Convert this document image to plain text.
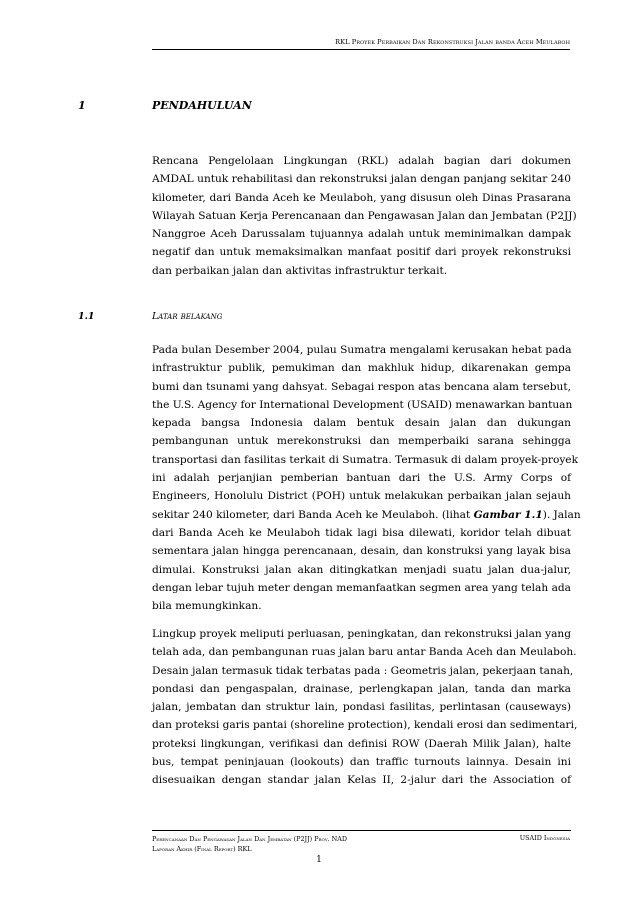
RKL Proyek Perbaikan Dan Rekonstruksi Jalan banda Aceh Meulaboh
1	PENDAHULUAN
Rencana Pengelolaan Lingkungan (RKL) adalah bagian dari dokumen
AMDAL untuk rehabilitasi dan rekonstruksi jalan dengan panjang sekitar 240
kilometer, dari Banda Aceh ke Meulaboh, yang disusun oleh Dinas Prasarana
Wilayah Satuan Kerja Perencanaan dan Pengawasan Jalan dan Jembatan (P2JJ)
Nanggroe Aceh Darussalam tujuannya adalah untuk meminimalkan dampak
negatif dan untuk memaksimalkan manfaat positif dari proyek rekonstruksi
dan perbaikan jalan dan aktivitas infrastruktur terkait.
1.1	Latar belakang
Pada bulan Desember 2004, pulau Sumatra mengalami kerusakan hebat pada
infrastruktur publik, pemukiman dan makhluk hidup, dikarenakan gempa
bumi dan tsunami yang dahsyat. Sebagai respon atas bencana alam tersebut,
the U.S. Agency for International Development (USAID) menawarkan bantuan
kepada bangsa Indonesia dalam bentuk desain jalan dan dukungan
pembangunan untuk merekonstruksi dan memperbaiki sarana sehingga
transportasi dan fasilitas terkait di Sumatra. Termasuk di dalam proyek-proyek
ini adalah perjanjian pemberian bantuan dari the U.S. Army Corps of
Engineers, Honolulu District (POH) untuk melakukan perbaikan jalan sejauh
sekitar 240 kilometer, dari Banda Aceh ke Meulaboh. (lihat Gambar 1.1). Jalan
dari Banda Aceh ke Meulaboh tidak lagi bisa dilewati, koridor telah dibuat
sementara jalan hingga perencanaan, desain, dan konstruksi yang layak bisa
dimulai. Konstruksi jalan akan ditingkatkan menjadi suatu jalan dua-jalur,
dengan lebar tujuh meter dengan memanfaatkan segmen area yang telah ada
bila memungkinkan.
Lingkup proyek meliputi perluasan, peningkatan, dan rekonstruksi jalan yang
telah ada, dan pembangunan ruas jalan baru antar Banda Aceh dan Meulaboh.
Desain jalan termasuk tidak terbatas pada : Geometris jalan, pekerjaan tanah,
pondasi dan pengaspalan, drainase, perlengkapan jalan, tanda dan marka
jalan, jembatan dan struktur lain, pondasi fasilitas, perlintasan (causeways)
dan proteksi garis pantai (shoreline protection), kendali erosi dan sedimentari,
proteksi lingkungan, verifikasi dan definisi ROW (Daerah Milik Jalan), halte
bus, tempat peninjauan (lookouts) dan traffic turnouts lainnya. Desain ini
disesuaikan dengan standar jalan Kelas II, 2-jalur dari the Association of
Perencanaan Dan Pengawasan Jalan Dan Jembatan (P2JJ) Prov. NAD
Laporan Akhir (Final Report) RKL
USAID Indonesia
1
